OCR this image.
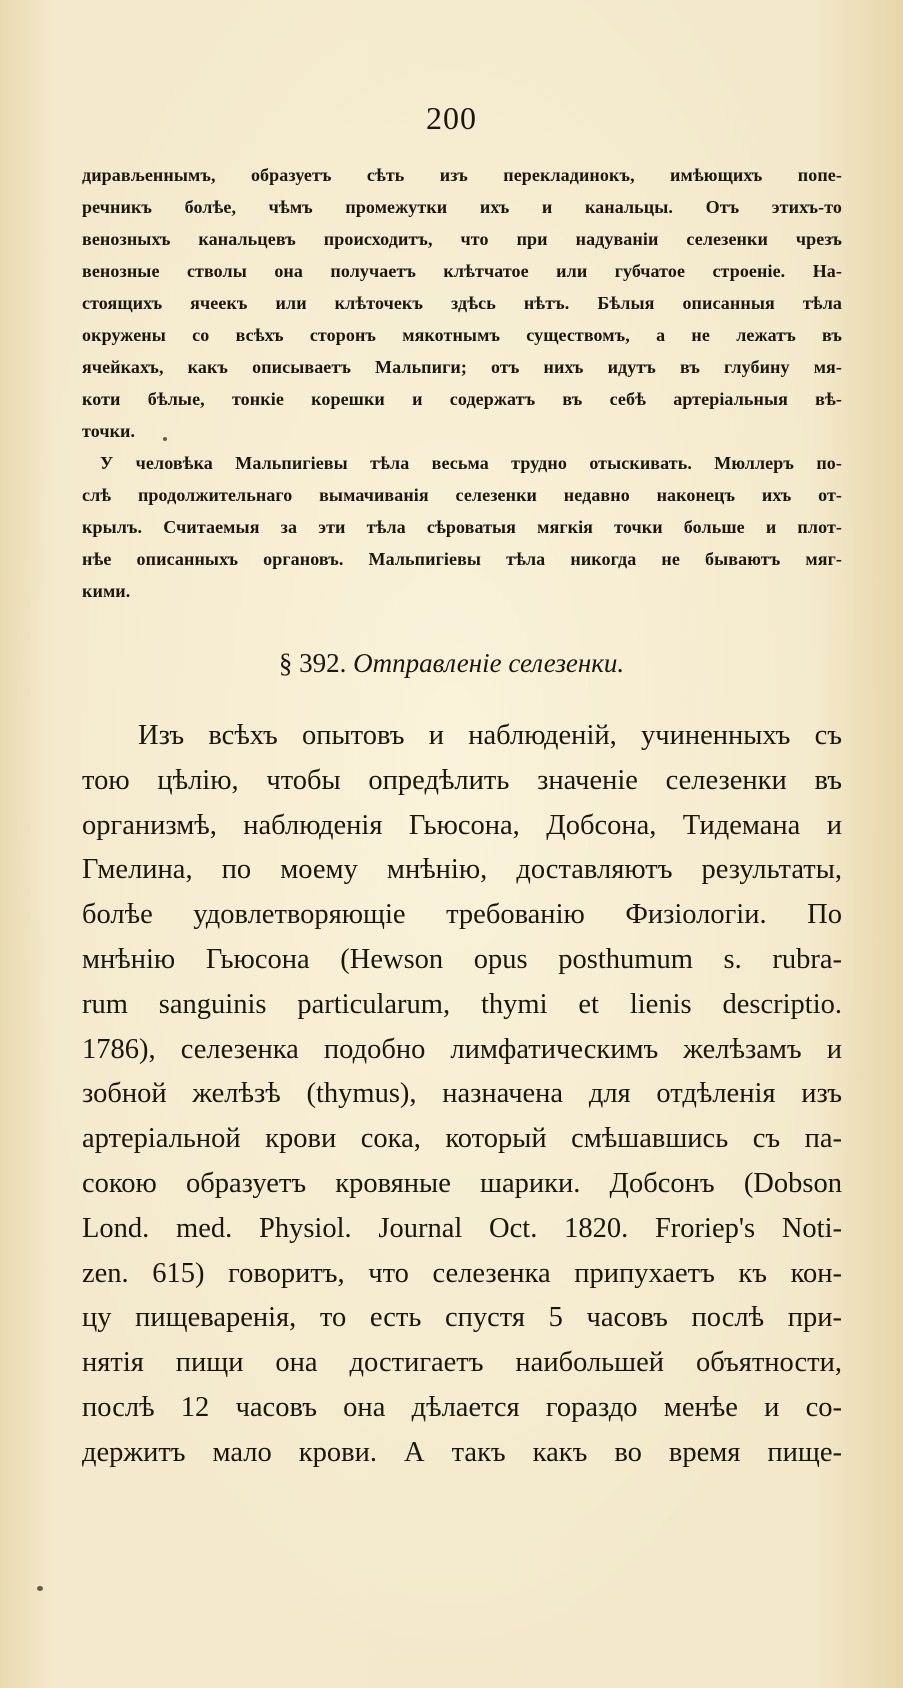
200
дирављеннымъ, образуетъ сѣть изъ перекладинокъ, имѣющихъ попе-
речникъ болѣе, чѣмъ промежутки ихъ и канальцы. Отъ этихъ-то
венозныхъ канальцевъ происходитъ, что при надуванiи селезенки чрезъ
венозные стволы она получаетъ клѣтчатое или губчатое строенiе. На-
стоящихъ ячеекъ или клѣточекъ здѣсь нѣтъ. Бѣлыя описанныя тѣла
окружены со всѣхъ сторонъ мякотнымъ существомъ, а не лежатъ въ
ячейкахъ, какъ описываетъ Мальпиги; отъ нихъ идутъ въ глубину мя-
коти бѣлые, тонкiе корешки и содержатъ въ себѣ артерiальныя вѣ-
точки.
У человѣка Мальпигiевы тѣла весьма трудно отыскивать. Мюллеръ по-
слѣ продолжительнаго вымачиванiя селезенки недавно наконецъ ихъ от-
крылъ. Считаемыя за эти тѣла сѣроватыя мягкiя точки больше и плот-
нѣе описанныхъ органовъ. Мальпигiевы тѣла никогда не бываютъ мяг-
кими.
§ 392. Отправленiе селезенки.
Изъ всѣхъ опытовъ и наблюденiй, учиненныхъ съ
тою цѣлiю, чтобы опредѣлить значенiе селезенки въ
организмѣ, наблюденiя Гьюсона, Добсона, Тидемана и
Гмелина, по моему мнѣнiю, доставляютъ результаты,
болѣе удовлетворяющiе требованiю Физiологiи. По
мнѣнiю Гьюсона (Hewson opus posthumum s. rubra-
rum sanguinis particularum, thymi et lienis descriptio.
1786), селезенка подобно лимфатическимъ желѣзамъ и
зобной желѣзѣ (thymus), назначена для отдѣленiя изъ
артерiальной крови сока, который смѣшавшись съ па-
сокою образуетъ кровяные шарики. Добсонъ (Dobson
Lond. med. Physiol. Journal Oct. 1820. Froriep's Noti-
zen. 615) говоритъ, что селезенка припухаетъ къ кон-
цу пищеваренiя, то есть спустя 5 часовъ послѣ при-
нятiя пищи она достигаетъ наибольшей объятности,
послѣ 12 часовъ она дѣлается гораздо менѣе и со-
держитъ мало крови. А такъ какъ во время пище-
